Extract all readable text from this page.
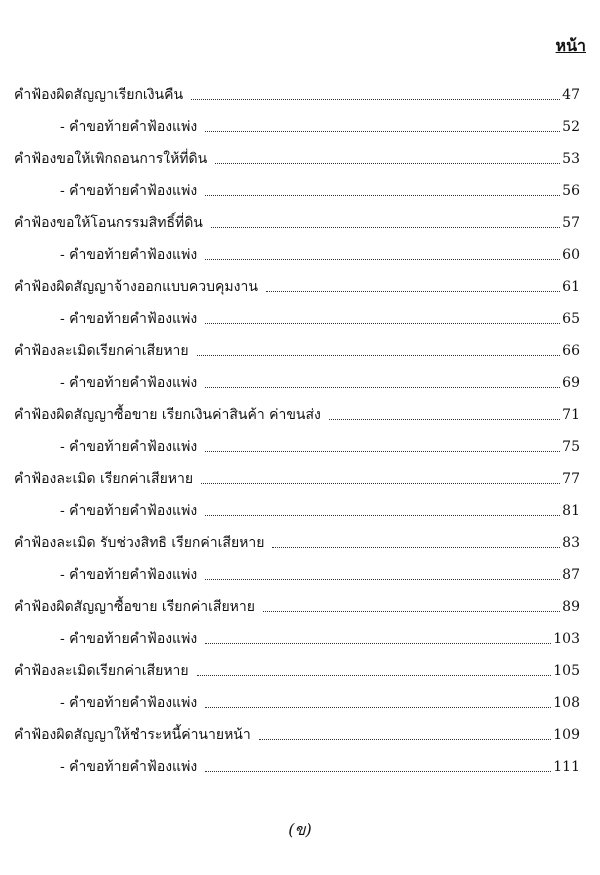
หน้า
คำฟ้องผิดสัญญาเรียกเงินคืน	47
- คำขอท้ายคำฟ้องแพ่ง	52
คำฟ้องขอให้เพิกถอนการให้ที่ดิน	53
- คำขอท้ายคำฟ้องแพ่ง	56
คำฟ้องขอให้โอนกรรมสิทธิ์ที่ดิน	57
- คำขอท้ายคำฟ้องแพ่ง	60
คำฟ้องผิดสัญญาจ้างออกแบบควบคุมงาน	61
- คำขอท้ายคำฟ้องแพ่ง	65
คำฟ้องละเมิดเรียกค่าเสียหาย	66
- คำขอท้ายคำฟ้องแพ่ง	69
คำฟ้องผิดสัญญาซื้อขาย เรียกเงินค่าสินค้า ค่าขนส่ง	71
- คำขอท้ายคำฟ้องแพ่ง	75
คำฟ้องละเมิด เรียกค่าเสียหาย	77
- คำขอท้ายคำฟ้องแพ่ง	81
คำฟ้องละเมิด รับช่วงสิทธิ เรียกค่าเสียหาย	83
- คำขอท้ายคำฟ้องแพ่ง	87
คำฟ้องผิดสัญญาซื้อขาย เรียกค่าเสียหาย	89
- คำขอท้ายคำฟ้องแพ่ง	103
คำฟ้องละเมิดเรียกค่าเสียหาย	105
- คำขอท้ายคำฟ้องแพ่ง	108
คำฟ้องผิดสัญญาให้ชำระหนี้ค่านายหน้า	109
- คำขอท้ายคำฟ้องแพ่ง	111
(ข)
